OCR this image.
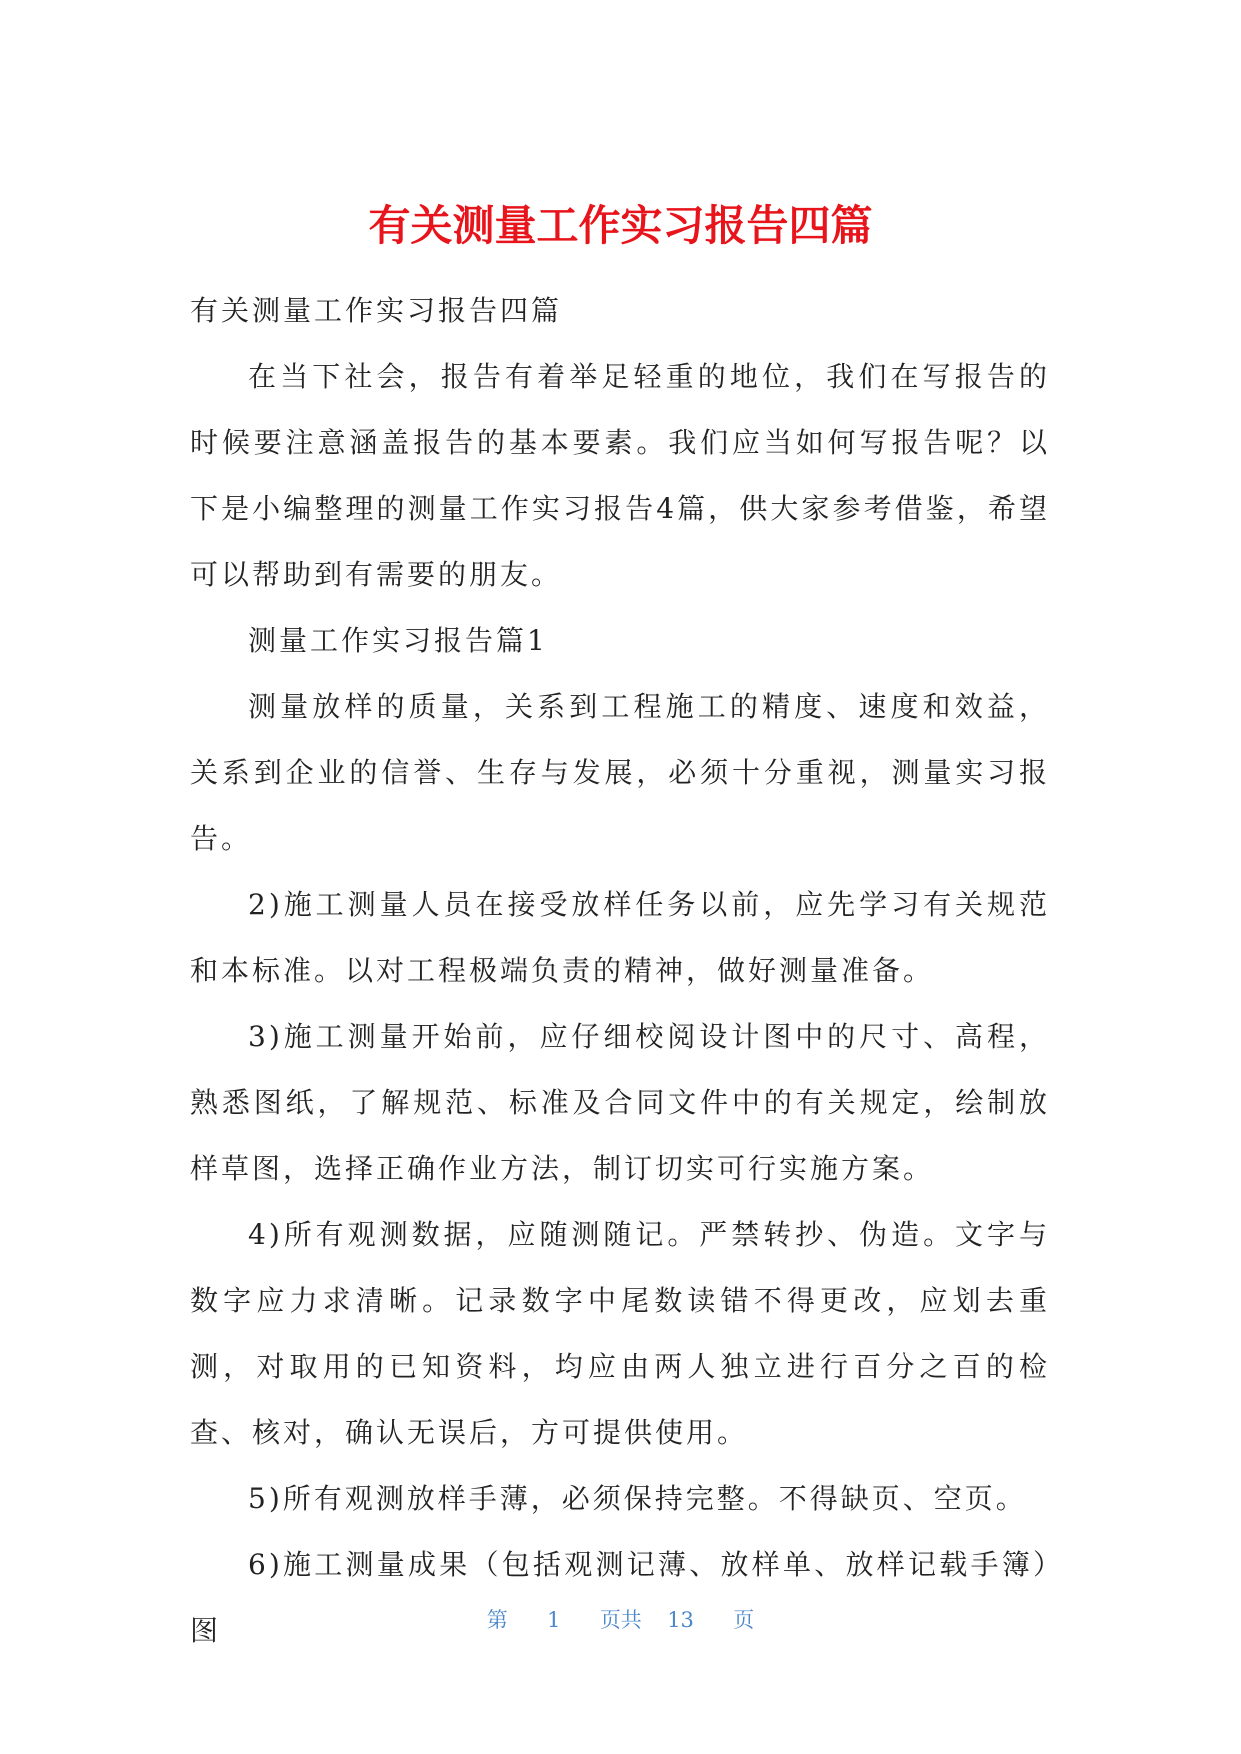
有关测量工作实习报告四篇

有关测量工作实习报告四篇

在当下社会，报告有着举足轻重的地位，我们在写报告的时候要注意涵盖报告的基本要素。我们应当如何写报告呢？以下是小编整理的测量工作实习报告4篇，供大家参考借鉴，希望可以帮助到有需要的朋友。

测量工作实习报告篇1

测量放样的质量，关系到工程施工的精度、速度和效益，关系到企业的信誉、生存与发展，必须十分重视，测量实习报告。

2)施工测量人员在接受放样任务以前，应先学习有关规范和本标准。以对工程极端负责的精神，做好测量准备。

3)施工测量开始前，应仔细校阅设计图中的尺寸、高程，熟悉图纸，了解规范、标准及合同文件中的有关规定，绘制放样草图，选择正确作业方法，制订切实可行实施方案。

4)所有观测数据，应随测随记。严禁转抄、伪造。文字与数字应力求清晰。记录数字中尾数读错不得更改，应划去重测，对取用的已知资料，均应由两人独立进行百分之百的检查、核对，确认无误后，方可提供使用。

5)所有观测放样手薄，必须保持完整。不得缺页、空页。

6)施工测量成果（包括观测记薄、放样单、放样记载手簿）图	第 1 页共 13 页
